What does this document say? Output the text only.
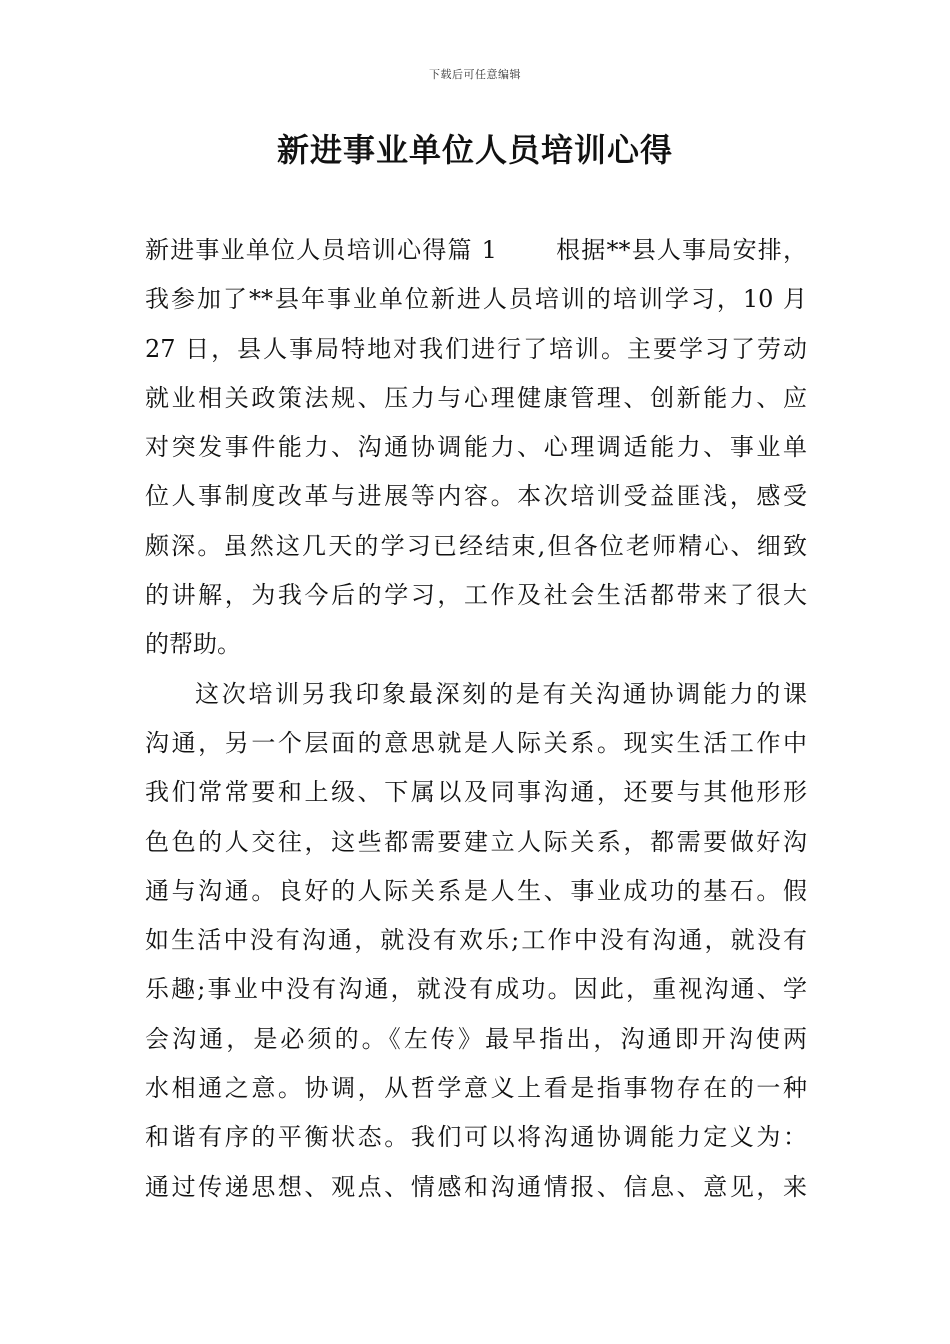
下载后可任意编辑
新进事业单位人员培训心得
新进事业单位人员培训心得篇 1 根据**县人事局安排，
我参加了**县年事业单位新进人员培训的培训学习，10 月
27 日，县人事局特地对我们进行了培训。主要学习了劳动
就业相关政策法规、压力与心理健康管理、创新能力、应
对突发事件能力、沟通协调能力、心理调适能力、事业单
位人事制度改革与进展等内容。本次培训受益匪浅，感受
颇深。虽然这几天的学习已经结束,但各位老师精心、细致
的讲解，为我今后的学习，工作及社会生活都带来了很大
的帮助。
这次培训另我印象最深刻的是有关沟通协调能力的课
沟通，另一个层面的意思就是人际关系。现实生活工作中
我们常常要和上级、下属以及同事沟通，还要与其他形形
色色的人交往，这些都需要建立人际关系，都需要做好沟
通与沟通。良好的人际关系是人生、事业成功的基石。假
如生活中没有沟通，就没有欢乐;工作中没有沟通，就没有
乐趣;事业中没有沟通，就没有成功。因此，重视沟通、学
会沟通，是必须的。《左传》最早指出，沟通即开沟使两
水相通之意。协调，从哲学意义上看是指事物存在的一种
和谐有序的平衡状态。我们可以将沟通协调能力定义为：
通过传递思想、观点、情感和沟通情报、信息、意见，来
